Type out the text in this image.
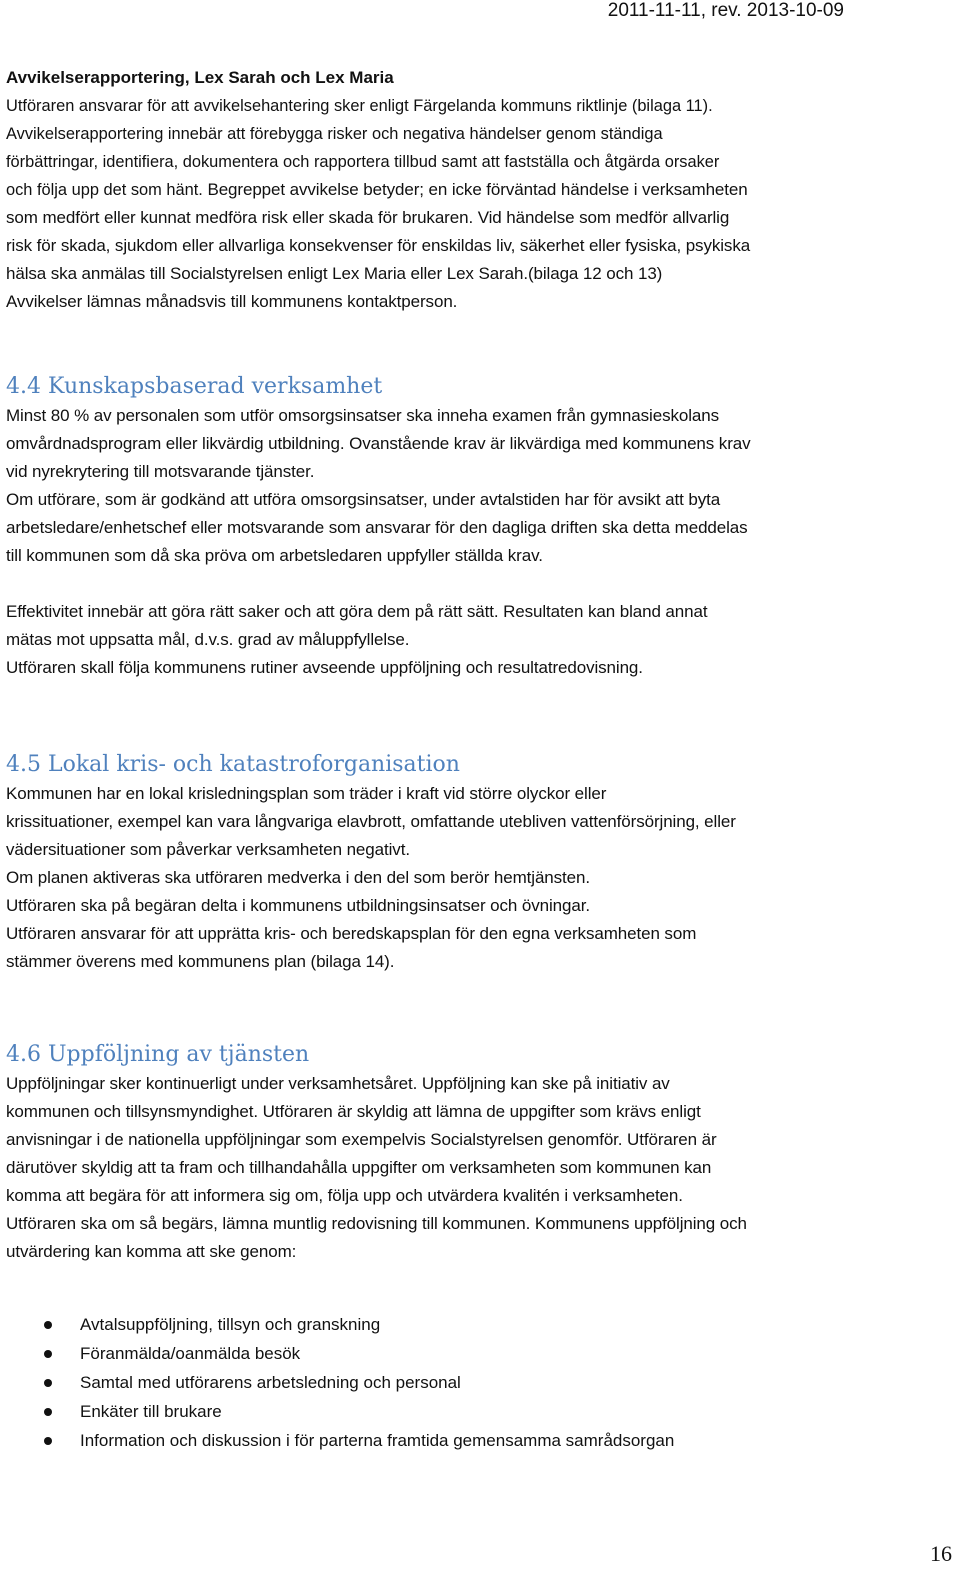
2011-11-11, rev. 2013-10-09

Avvikelserapportering, Lex Sarah och Lex Maria

Utföraren ansvarar för att avvikelsehantering sker enligt Färgelanda kommuns riktlinje (bilaga 11).

Avvikelserapportering innebär att förebygga risker och negativa händelser genom ständiga

förbättringar, identifiera, dokumentera och rapportera tillbud samt att fastställa och åtgärda orsaker

och följa upp det som hänt. Begreppet avvikelse betyder; en icke förväntad händelse i verksamheten

som medfört eller kunnat medföra risk eller skada för brukaren. Vid händelse som medför allvarlig

risk för skada, sjukdom eller allvarliga konsekvenser för enskildas liv, säkerhet eller fysiska, psykiska

hälsa ska anmälas till Socialstyrelsen enligt Lex Maria eller Lex Sarah.(bilaga 12 och 13)

Avvikelser lämnas månadsvis till kommunens kontaktperson.

4.4 Kunskapsbaserad verksamhet

Minst 80 % av personalen som utför omsorgsinsatser ska inneha examen från gymnasieskolans

omvårdnadsprogram eller likvärdig utbildning. Ovanstående krav är likvärdiga med kommunens krav

vid nyrekrytering till motsvarande tjänster.

Om utförare, som är godkänd att utföra omsorgsinsatser, under avtalstiden har för avsikt att byta

arbetsledare/enhetschef eller motsvarande som ansvarar för den dagliga driften ska detta meddelas

till kommunen som då ska pröva om arbetsledaren uppfyller ställda krav.

Effektivitet innebär att göra rätt saker och att göra dem på rätt sätt. Resultaten kan bland annat

mätas mot uppsatta mål, d.v.s. grad av måluppfyllelse.

Utföraren skall följa kommunens rutiner avseende uppföljning och resultatredovisning.

4.5 Lokal kris- och katastroforganisation

Kommunen har en lokal krisledningsplan som träder i kraft vid större olyckor eller

krissituationer, exempel kan vara långvariga elavbrott, omfattande utebliven vattenförsörjning, eller

vädersituationer som påverkar verksamheten negativt.

Om planen aktiveras ska utföraren medverka i den del som berör hemtjänsten.

Utföraren ska på begäran delta i kommunens utbildningsinsatser och övningar.

Utföraren ansvarar för att upprätta kris- och beredskapsplan för den egna verksamheten som

stämmer överens med kommunens plan (bilaga 14).

4.6 Uppföljning av tjänsten

Uppföljningar sker kontinuerligt under verksamhetsåret. Uppföljning kan ske på initiativ av

kommunen och tillsynsmyndighet. Utföraren är skyldig att lämna de uppgifter som krävs enligt

anvisningar i de nationella uppföljningar som exempelvis Socialstyrelsen genomför. Utföraren är

därutöver skyldig att ta fram och tillhandahålla uppgifter om verksamheten som kommunen kan

komma att begära för att informera sig om, följa upp och utvärdera kvalitén i verksamheten.

Utföraren ska om så begärs, lämna muntlig redovisning till kommunen. Kommunens uppföljning och

utvärdering kan komma att ske genom:

Avtalsuppföljning, tillsyn och granskning
Föranmälda/oanmälda besök
Samtal med utförarens arbetsledning och personal
Enkäter till brukare
Information och diskussion i för parterna framtida gemensamma samrådsorgan
16
